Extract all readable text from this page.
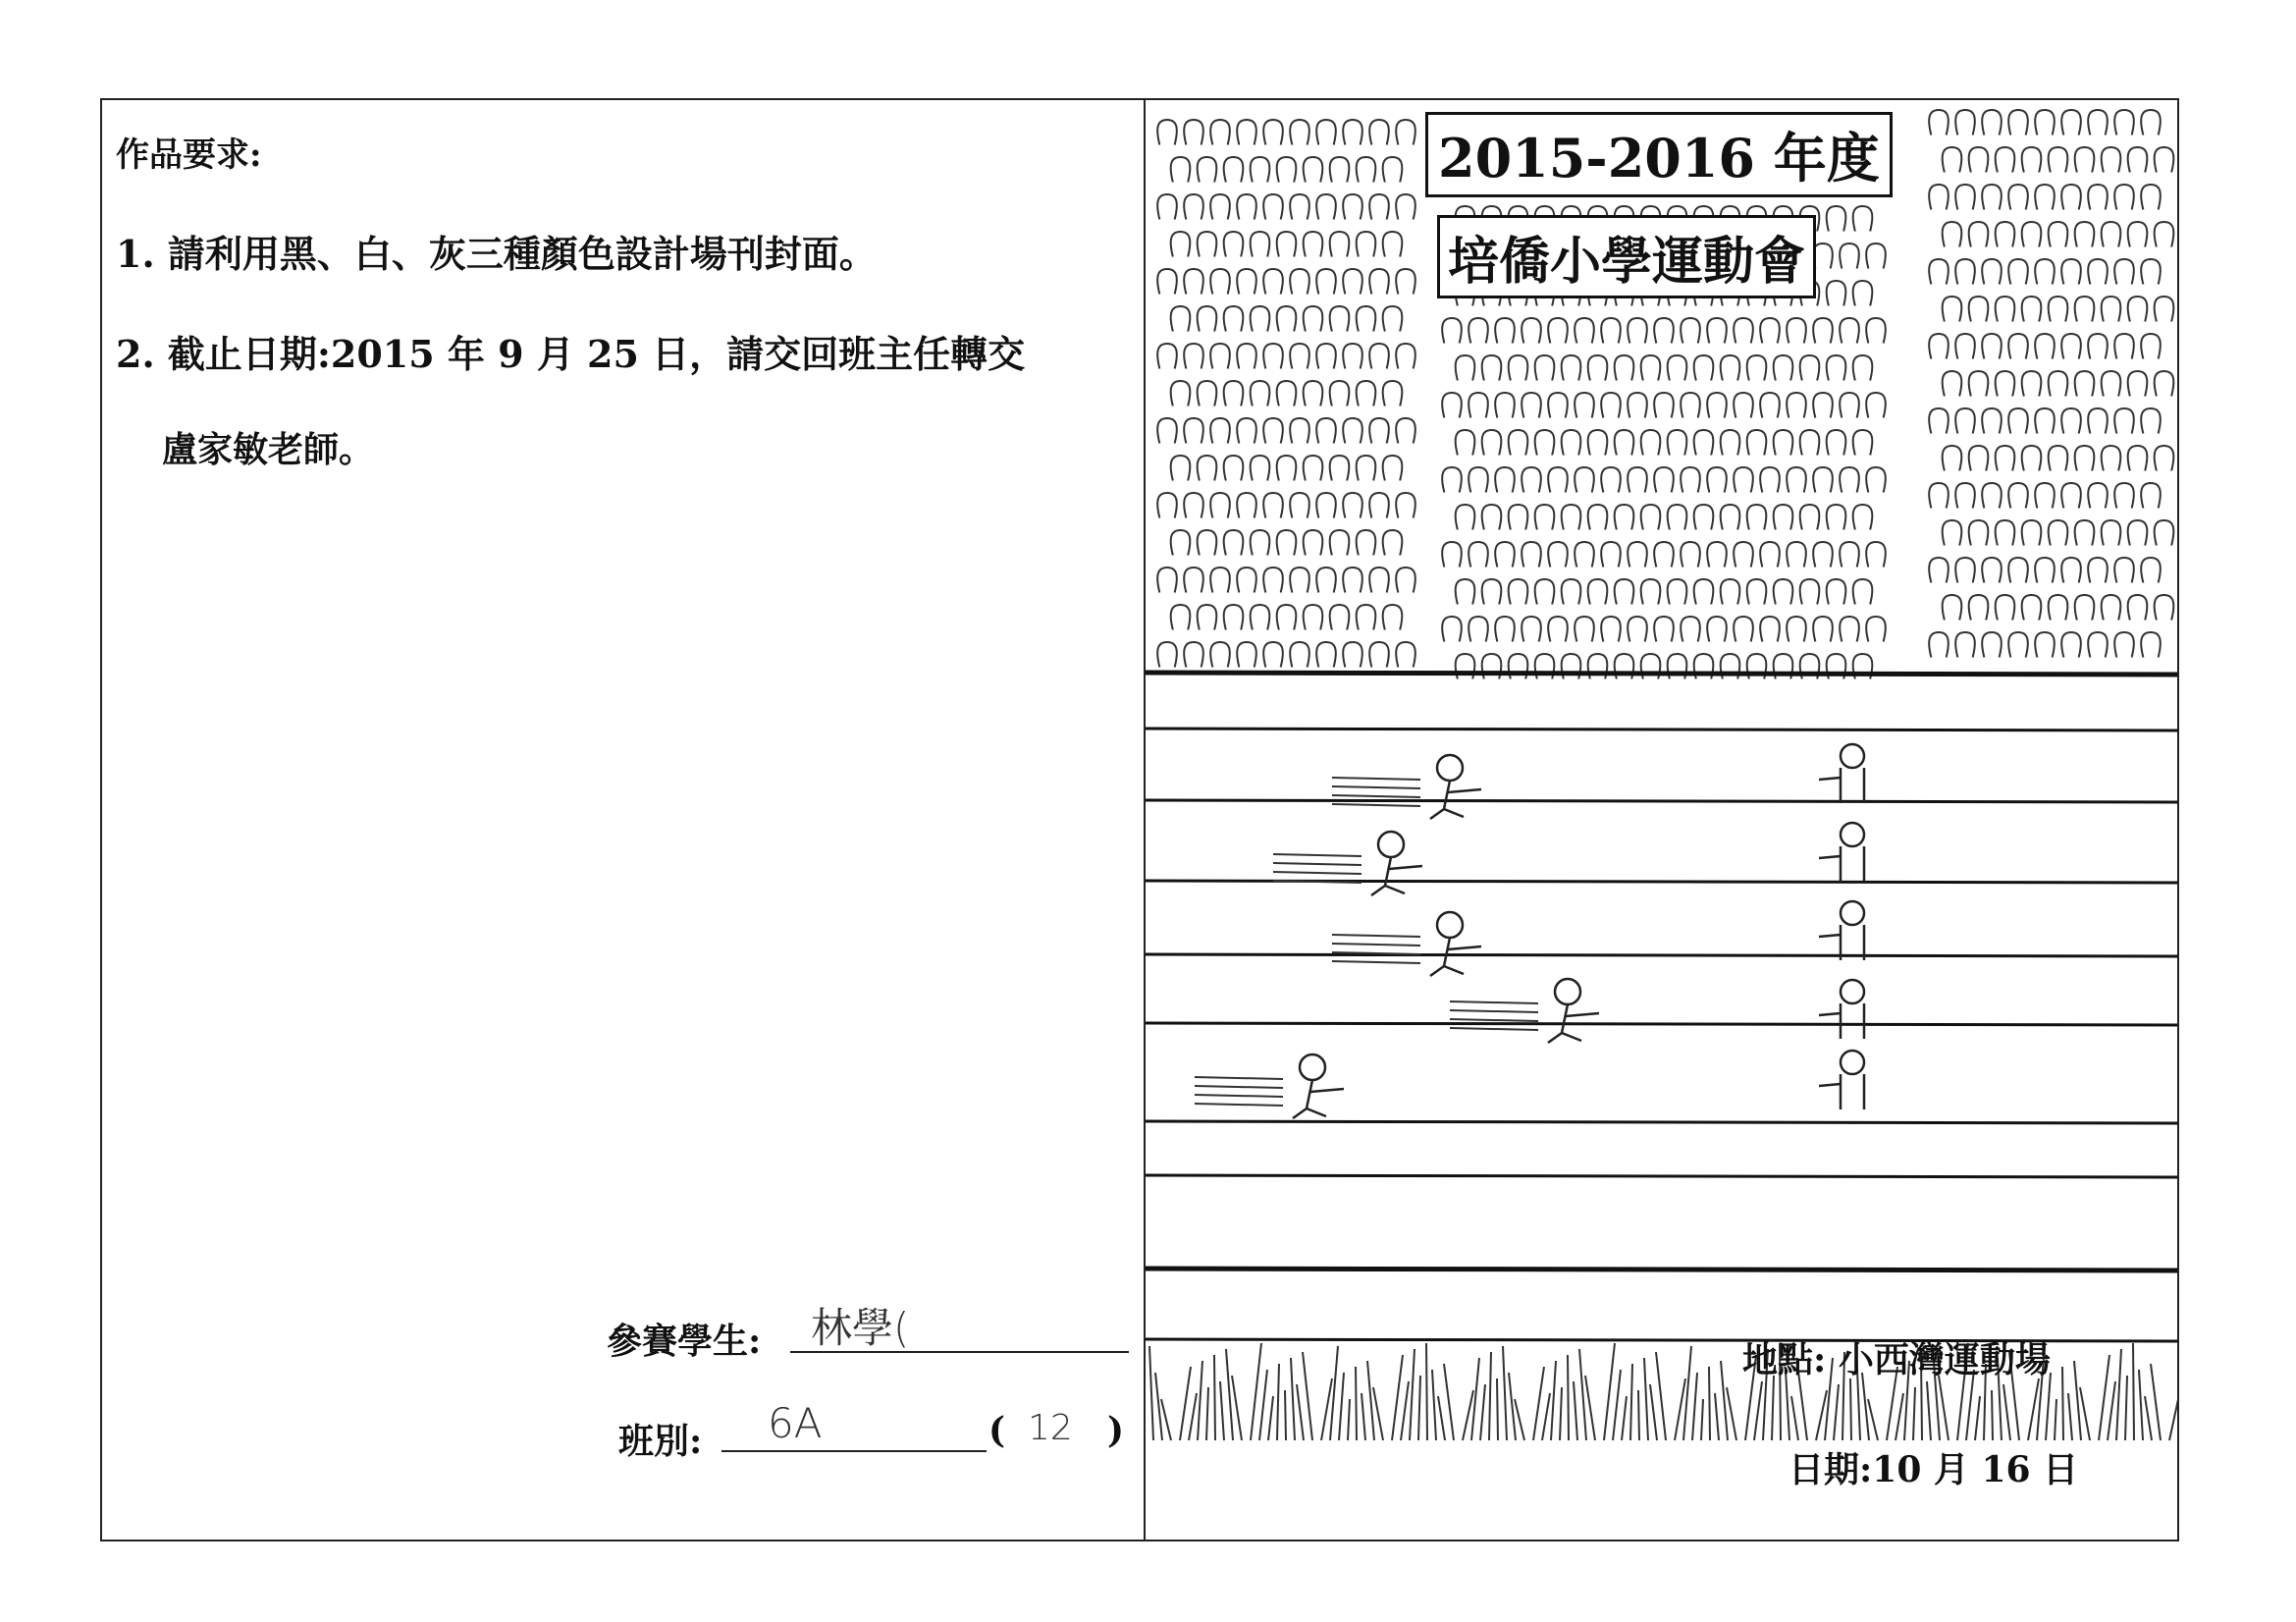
作品要求:
1. 請利用黑、白、灰三種顏色設計場刊封面。
2. 截止日期:2015 年 9 月 25 日，請交回班主任轉交
盧家敏老師。
參賽學生: 林學(
班別: 6A	( 12 )
2015-2016 年度
培僑小學運動會
地點: 小西灣運動場
日期:10 月 16 日
